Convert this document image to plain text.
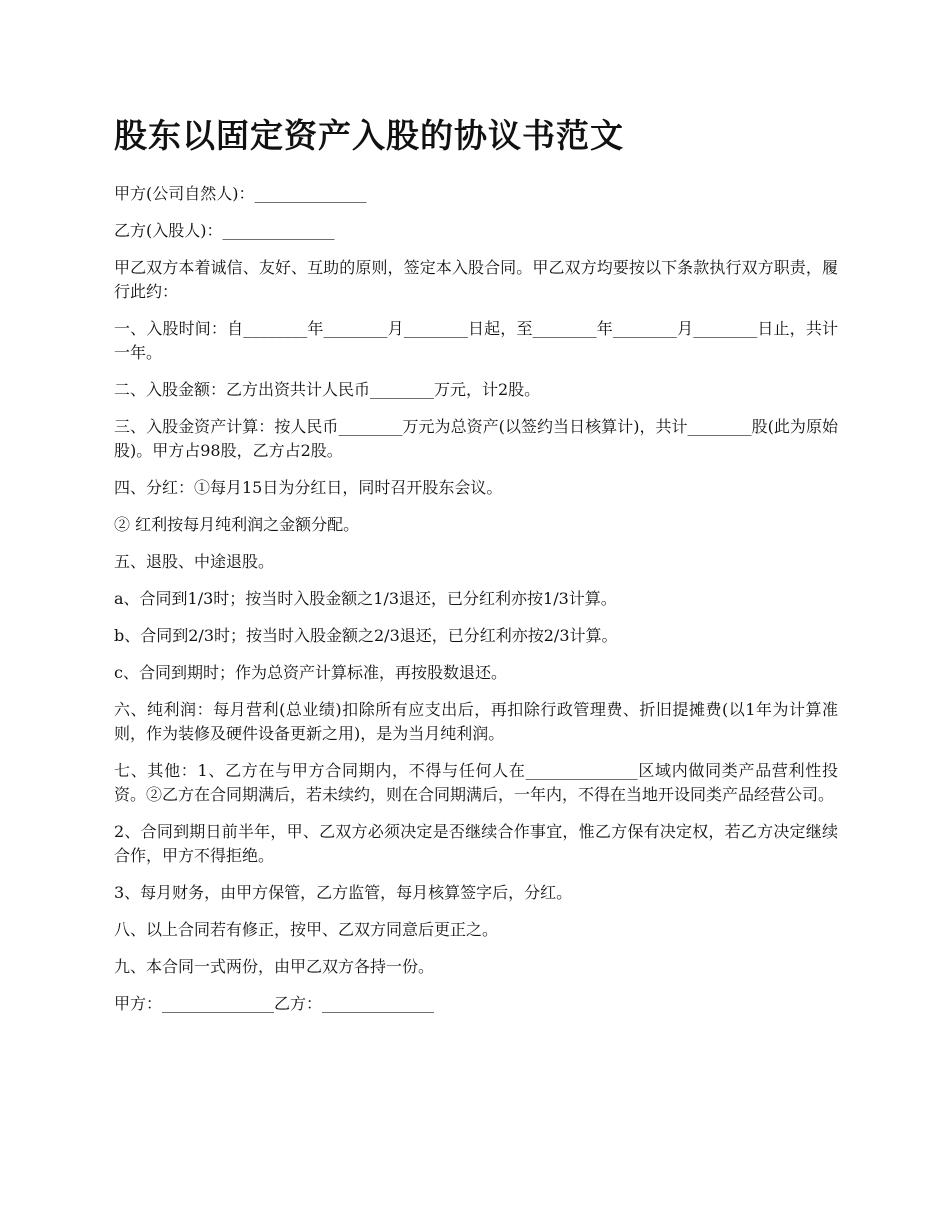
股东以固定资产入股的协议书范文

甲方(公司自然人)：______________

乙方(入股人)：______________

甲乙双方本着诚信、友好、互助的原则，签定本入股合同。甲乙双方均要按以下条款执行双方职责，履行此约：

一、入股时间：自________年________月________日起，至________年________月________日止，共计一年。

二、入股金额：乙方出资共计人民币________万元，计2股。

三、入股金资产计算：按人民币________万元为总资产(以签约当日核算计)，共计________股(此为原始股)。甲方占98股，乙方占2股。

四、分红：①每月15日为分红日，同时召开股东会议。

② 红利按每月纯利润之金额分配。

五、退股、中途退股。

a、合同到1/3时；按当时入股金额之1/3退还，已分红利亦按1/3计算。

b、合同到2/3时；按当时入股金额之2/3退还，已分红利亦按2/3计算。

c、合同到期时；作为总资产计算标准，再按股数退还。

六、纯利润：每月营利(总业绩)扣除所有应支出后，再扣除行政管理费、折旧提摊费(以1年为计算准则，作为装修及硬件设备更新之用)，是为当月纯利润。

七、其他：1、乙方在与甲方合同期内，不得与任何人在______________区域内做同类产品营利性投资。②乙方在合同期满后，若未续约，则在合同期满后，一年内，不得在当地开设同类产品经营公司。

2、合同到期日前半年，甲、乙双方必须决定是否继续合作事宜，惟乙方保有决定权，若乙方决定继续合作，甲方不得拒绝。

3、每月财务，由甲方保管，乙方监管，每月核算签字后，分红。

八、以上合同若有修正，按甲、乙双方同意后更正之。

九、本合同一式两份，由甲乙双方各持一份。

甲方：______________乙方：______________
